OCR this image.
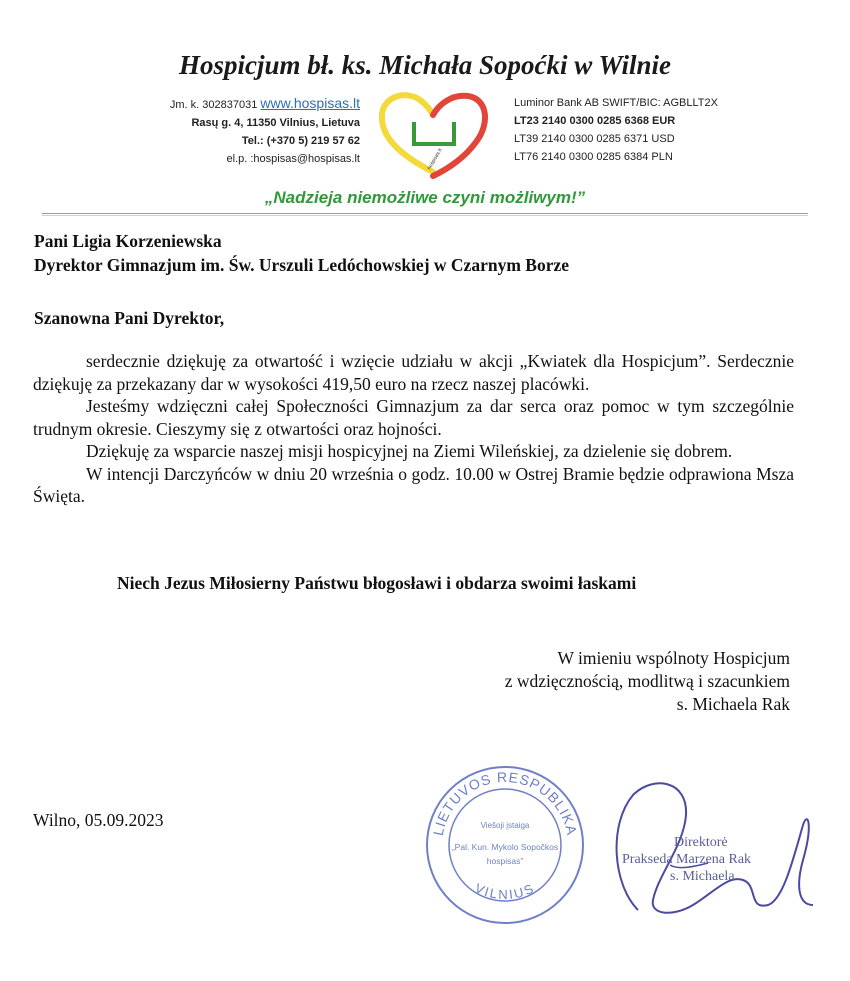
Hospicjum bł. ks. Michała Sopoćki w Wilnie
Jm. k. 302837031 www.hospisas.lt
Rasų g. 4, 11350 Vilnius, Lietuva
Tel.: (+370 5) 219 57 62
el.p. :hospisas@hospisas.lt	hospisas.lt
Luminor Bank AB SWIFT/BIC: AGBLLT2X
LT23 2140 0300 0285 6368 EUR
LT39 2140 0300 0285 6371 USD
LT76 2140 0300 0285 6384 PLN
„Nadzieja niemożliwe czyni możliwym!”
Pani Ligia Korzeniewska
Dyrektor Gimnazjum im. Św. Urszuli Ledóchowskiej w Czarnym Borze
Szanowna Pani Dyrektor,

serdecznie dziękuję za otwartość i wzięcie udziału w akcji „Kwiatek dla Hospicjum”. Serdecznie dziękuję za przekazany dar w wysokości 419,50 euro na rzecz naszej placówki.

Jesteśmy wdzięczni całej Społeczności Gimnazjum za dar serca oraz pomoc w tym szczególnie trudnym okresie. Cieszymy się z otwartości oraz hojności.

Dziękuję za wsparcie naszej misji hospicyjnej na Ziemi Wileńskiej, za dzielenie się dobrem.

W intencji Darczyńców w dniu 20 września o godz. 10.00 w Ostrej Bramie będzie odprawiona Msza Święta.

Niech Jezus Miłosierny Państwu błogosławi i obdarza swoimi łaskami
W imieniu wspólnoty Hospicjum
z wdzięcznością, modlitwą i szacunkiem
s. Michaela Rak
Wilno, 05.09.2023
LIETUVOS RESPUBLIKA
VILNIUS
Viešoji įstaiga
„Pal. Kun. Mykolo Sopočkos
hospisas”
Direktorė
Prakseda Marzena Rak
s. Michaela
